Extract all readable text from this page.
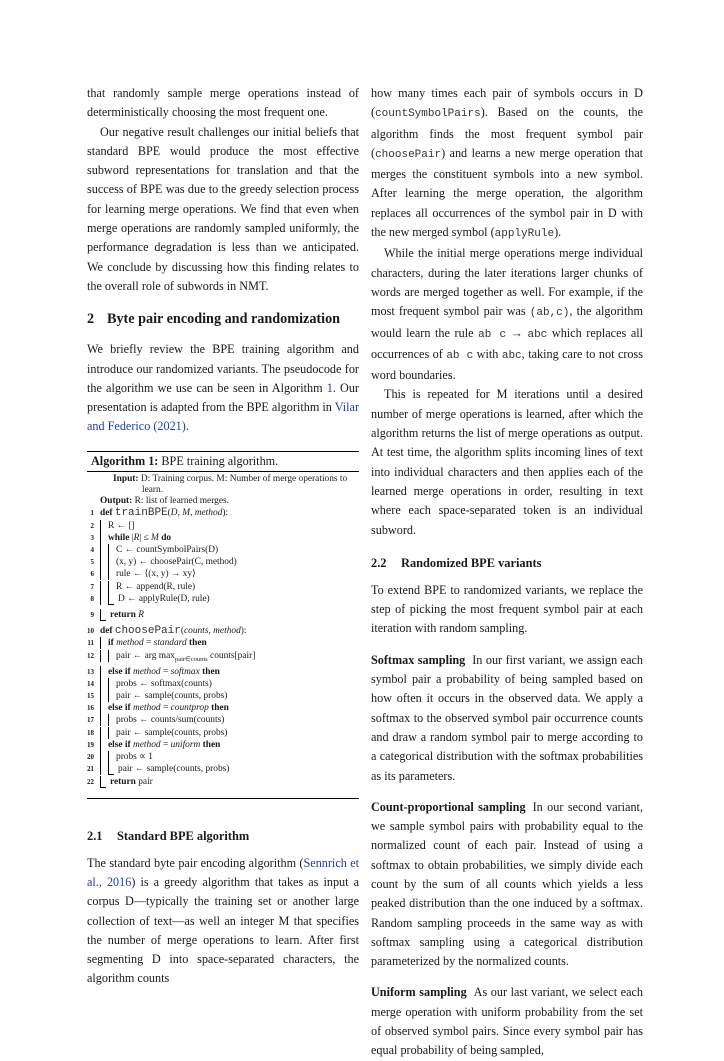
that randomly sample merge operations instead of deterministically choosing the most frequent one.

Our negative result challenges our initial beliefs that standard BPE would produce the most effective subword representations for translation and that the success of BPE was due to the greedy selection process for learning merge operations. We find that even when merge operations are randomly sampled uniformly, the performance degradation is less than we anticipated. We conclude by discussing how this finding relates to the overall role of subwords in NMT.

2 Byte pair encoding and randomization

We briefly review the BPE training algorithm and introduce our randomized variants. The pseudocode for the algorithm we use can be seen in Algorithm 1. Our presentation is adapted from the BPE algorithm in Vilar and Federico (2021).

Algorithm 1: BPE training algorithm.
Input: D: Training corpus. M: Number of merge operations to learn.
Output: R: list of learned merges.
1 def trainBPE(D, M, method):
2 R ← []
3 while |R| ≤ M do
4 C ← countSymbolPairs(D)
5 (x, y) ← choosePair(C, method)
6 rule ← ⟨(x, y) → xy⟩
7 R ← append(R, rule)
8	D ← applyRule(D, rule)
9 return R
10 def choosePair(counts, method):
11 if method = standard then
12 pair ← arg $\max_{pair\in counts}$ counts[pair]
13 else if method = softmax then
14 probs ← softmax(counts)
15 pair ← sample(counts, probs)
16 else if method = countprop then
17 probs ← counts/sum(counts)
18 pair ← sample(counts, probs)
19 else if method = uniform then
20 probs ∝ 1
21	pair ← sample(counts, probs)
22 return pair
2.1 Standard BPE algorithm

The standard byte pair encoding algorithm (Sennrich et al., 2016) is a greedy algorithm that takes as input a corpus D—typically the training set or another large collection of text—as well an integer M that specifies the number of merge operations to learn. After first segmenting D into space-separated characters, the algorithm counts

how many times each pair of symbols occurs in D (countSymbolPairs). Based on the counts, the algorithm finds the most frequent symbol pair (choosePair) and learns a new merge operation that merges the constituent symbols into a new symbol. After learning the merge operation, the algorithm replaces all occurrences of the symbol pair in D with the new merged symbol (applyRule).

While the initial merge operations merge individual characters, during the later iterations larger chunks of words are merged together as well. For example, if the most frequent symbol pair was (ab,c), the algorithm would learn the rule ab c → abc which replaces all occurrences of ab c with abc, taking care to not cross word boundaries.

This is repeated for M iterations until a desired number of merge operations is learned, after which the algorithm returns the list of merge operations as output. At test time, the algorithm splits incoming lines of text into individual characters and then applies each of the learned merge operations in order, resulting in text where each space-separated token is an individual subword.

2.2 Randomized BPE variants

To extend BPE to randomized variants, we replace the step of picking the most frequent symbol pair at each iteration with random sampling.

Softmax sampling In our first variant, we assign each symbol pair a probability of being sampled based on how often it occurs in the observed data. We apply a softmax to the observed symbol pair occurrence counts and draw a random symbol pair to merge according to a categorical distribution with the softmax probabilities as its parameters.

Count-proportional sampling In our second variant, we sample symbol pairs with probability equal to the normalized count of each pair. Instead of using a softmax to obtain probabilities, we simply divide each count by the sum of all counts which yields a less peaked distribution than the one induced by a softmax. Random sampling proceeds in the same way as with softmax sampling using a categorical distribution parameterized by the normalized counts.

Uniform sampling As our last variant, we select each merge operation with uniform probability from the set of observed symbol pairs. Since every symbol pair has equal probability of being sampled,
